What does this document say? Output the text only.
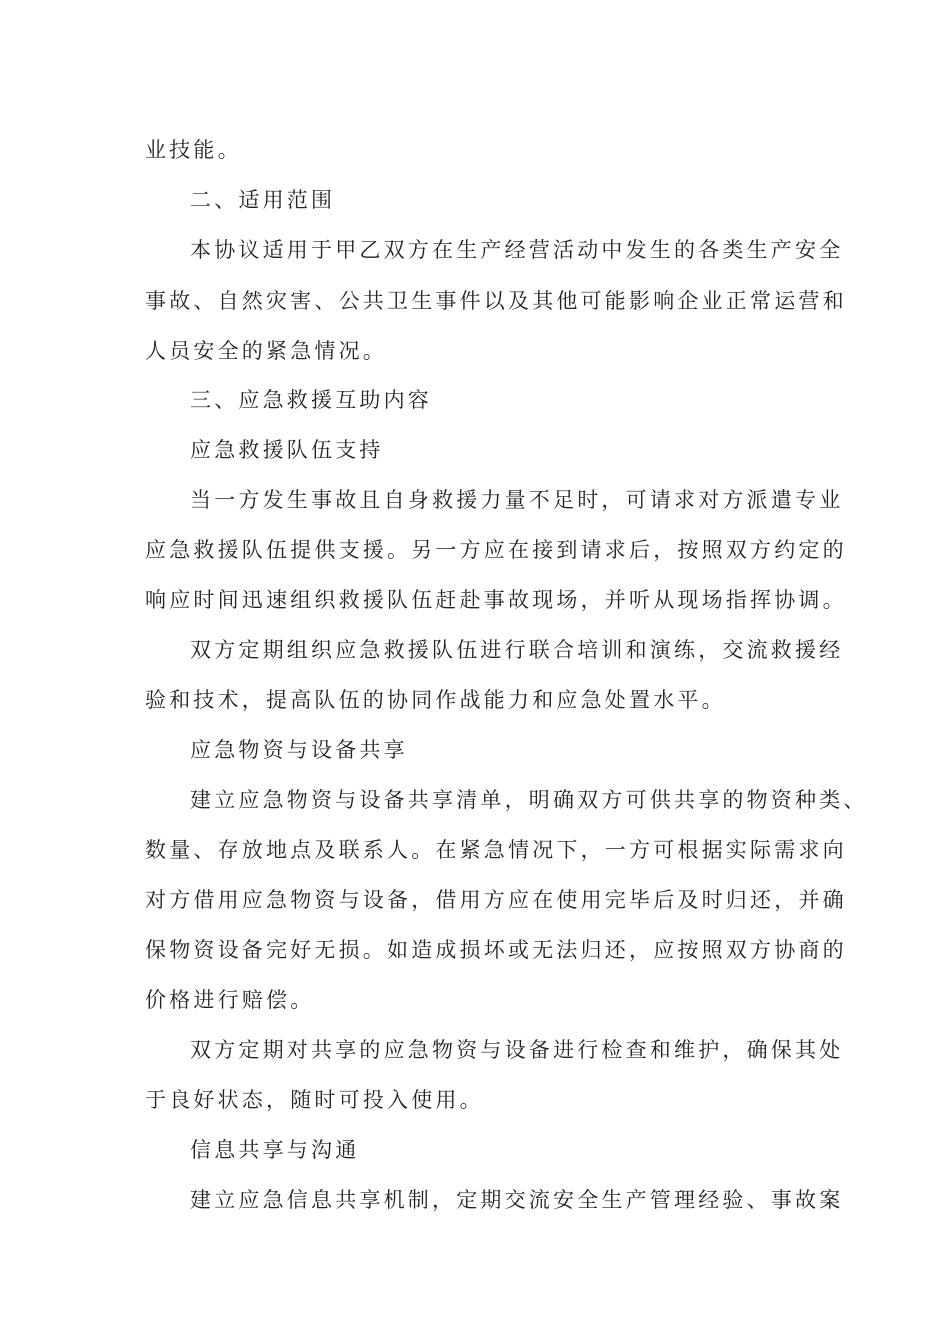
业技能。
二、适用范围
本协议适用于甲乙双方在生产经营活动中发生的各类生产安全
事故、自然灾害、公共卫生事件以及其他可能影响企业正常运营和
人员安全的紧急情况。
三、应急救援互助内容
应急救援队伍支持
当一方发生事故且自身救援力量不足时，可请求对方派遣专业
应急救援队伍提供支援。另一方应在接到请求后，按照双方约定的
响应时间迅速组织救援队伍赶赴事故现场，并听从现场指挥协调。
双方定期组织应急救援队伍进行联合培训和演练，交流救援经
验和技术，提高队伍的协同作战能力和应急处置水平。
应急物资与设备共享
建立应急物资与设备共享清单，明确双方可供共享的物资种类、
数量、存放地点及联系人。在紧急情况下，一方可根据实际需求向
对方借用应急物资与设备，借用方应在使用完毕后及时归还，并确
保物资设备完好无损。如造成损坏或无法归还，应按照双方协商的
价格进行赔偿。
双方定期对共享的应急物资与设备进行检查和维护，确保其处
于良好状态，随时可投入使用。
信息共享与沟通
建立应急信息共享机制，定期交流安全生产管理经验、事故案
